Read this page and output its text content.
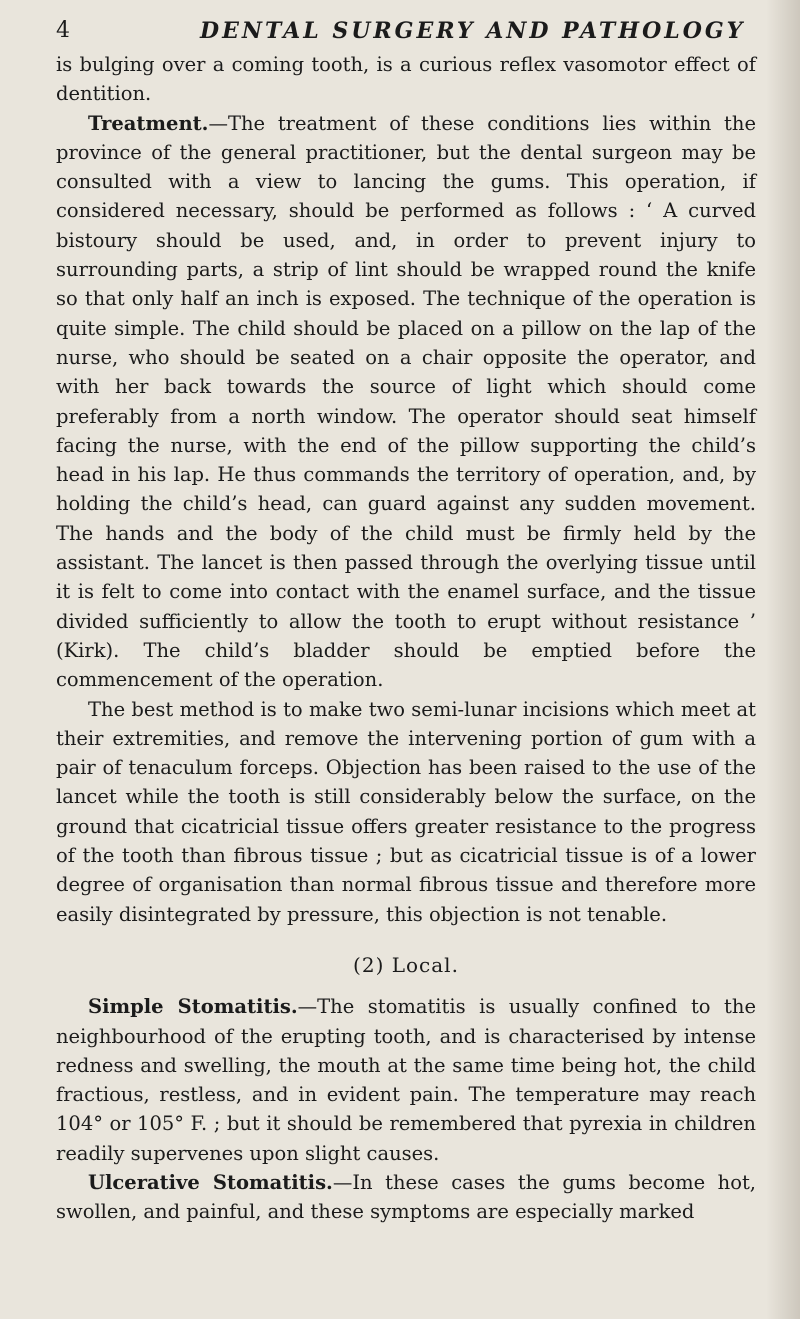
4	DENTAL SURGERY AND PATHOLOGY

is bulging over a coming tooth, is a curious reflex vasomotor effect of dentition.

Treatment.—The treatment of these conditions lies within the province of the general practitioner, but the dental surgeon may be consulted with a view to lancing the gums. This operation, if considered necessary, should be performed as follows : ‘ A curved bistoury should be used, and, in order to prevent injury to surrounding parts, a strip of lint should be wrapped round the knife so that only half an inch is exposed. The technique of the operation is quite simple. The child should be placed on a pillow on the lap of the nurse, who should be seated on a chair opposite the operator, and with her back towards the source of light which should come preferably from a north window. The operator should seat himself facing the nurse, with the end of the pillow supporting the child’s head in his lap. He thus commands the territory of operation, and, by holding the child’s head, can guard against any sudden movement. The hands and the body of the child must be firmly held by the assistant. The lancet is then passed through the overlying tissue until it is felt to come into contact with the enamel surface, and the tissue divided sufficiently to allow the tooth to erupt without resistance ’ (Kirk). The child’s bladder should be emptied before the commencement of the operation.

The best method is to make two semi-lunar incisions which meet at their extremities, and remove the intervening portion of gum with a pair of tenaculum forceps. Objection has been raised to the use of the lancet while the tooth is still considerably below the surface, on the ground that cicatricial tissue offers greater resistance to the progress of the tooth than fibrous tissue ; but as cicatricial tissue is of a lower degree of organisation than normal fibrous tissue and therefore more easily disintegrated by pressure, this objection is not tenable.

(2) Local.

Simple Stomatitis.—The stomatitis is usually confined to the neighbourhood of the erupting tooth, and is characterised by intense redness and swelling, the mouth at the same time being hot, the child fractious, restless, and in evident pain. The temperature may reach 104° or 105° F. ; but it should be remembered that pyrexia in children readily supervenes upon slight causes.

Ulcerative Stomatitis.—In these cases the gums become hot, swollen, and painful, and these symptoms are especially marked
